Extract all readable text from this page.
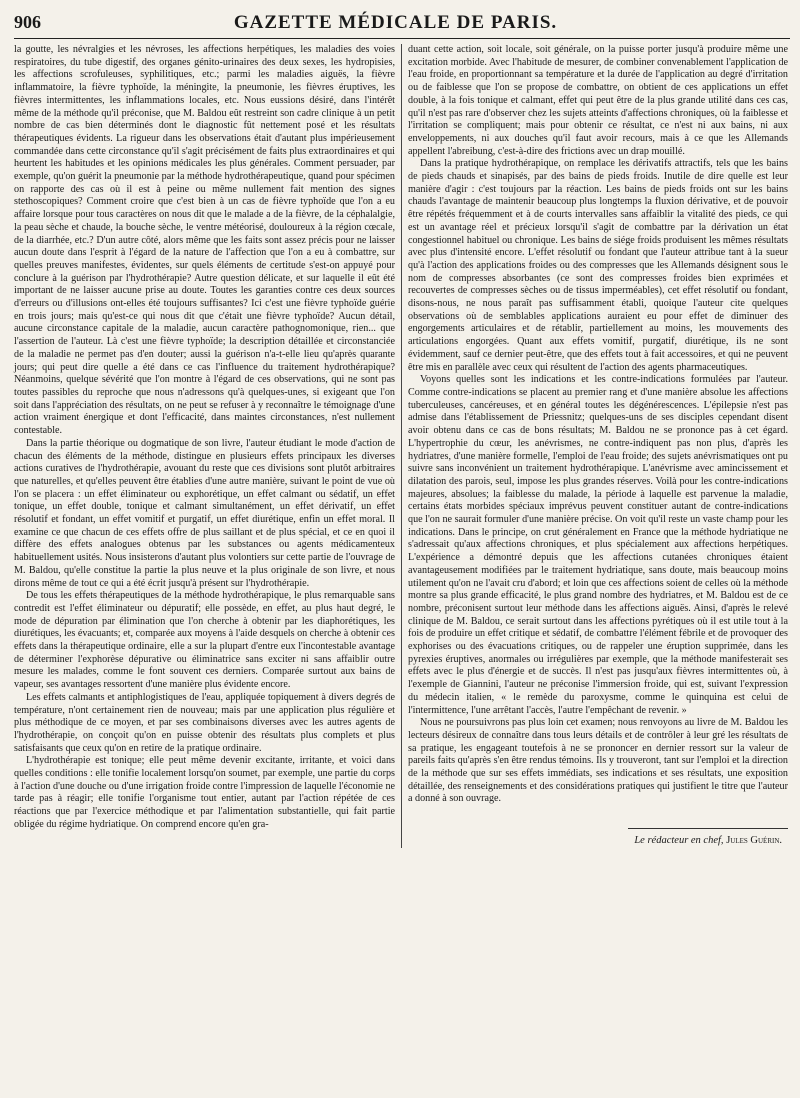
906	GAZETTE MÉDICALE DE PARIS.

la goutte, les névralgies et les névroses, les affections herpétiques, les maladies des voies respiratoires, du tube digestif, des organes génito-urinaires des deux sexes, les hydropisies, les affections scrofuleuses, syphilitiques, etc.; parmi les maladies aiguës, la fièvre inflammatoire, la fièvre typhoïde, la méningite, la pneumonie, les fièvres éruptives, les fièvres intermittentes, les inflammations locales, etc. Nous eussions désiré, dans l'intérêt même de la méthode qu'il préconise, que M. Baldou eût restreint son cadre clinique à un petit nombre de cas bien déterminés dont le diagnostic fût nettement posé et les résultats thérapeutiques évidents. La rigueur dans les observations était d'autant plus impérieusement commandée dans cette circonstance qu'il s'agit précisément de faits plus extraordinaires et qui heurtent les habitudes et les opinions médicales les plus générales. Comment persuader, par exemple, qu'on guérit la pneumonie par la méthode hydrothérapeutique, quand pour spécimen on rapporte des cas où il est à peine ou même nullement fait mention des signes stethoscopiques? Comment croire que c'est bien à un cas de fièvre typhoïde que l'on a eu affaire lorsque pour tous caractères on nous dit que le malade a de la fièvre, de la céphalalgie, la peau sèche et chaude, la bouche sèche, le ventre météorisé, douloureux à la région cœcale, de la diarrhée, etc.? D'un autre côté, alors même que les faits sont assez précis pour ne laisser aucun doute dans l'esprit à l'égard de la nature de l'affection que l'on a eu à combattre, sur quelles preuves manifestes, évidentes, sur quels éléments de certitude s'est-on appuyé pour conclure à la guérison par l'hydrothérapie? Autre question délicate, et sur laquelle il eût été important de ne laisser aucune prise au doute. Toutes les garanties contre ces deux sources d'erreurs ou d'illusions ont-elles été toujours suffisantes? Ici c'est une fièvre typhoïde guérie en trois jours; mais qu'est-ce qui nous dit que c'était une fièvre typhoïde? Aucun détail, aucune circonstance capitale de la maladie, aucun caractère pathognomonique, rien... que l'assertion de l'auteur. Là c'est une fièvre typhoïde; la description détaillée et circonstanciée de la maladie ne permet pas d'en douter; aussi la guérison n'a-t-elle lieu qu'après quarante jours; qui peut dire quelle a été dans ce cas l'influence du traitement hydrothérapique? Néanmoins, quelque sévérité que l'on montre à l'égard de ces observations, qui ne sont pas toutes passibles du reproche que nous n'adressons qu'à quelques-unes, si exigeant que l'on soit dans l'appréciation des résultats, on ne peut se refuser à y reconnaître le témoignage d'une action vraiment énergique et dont l'efficacité, dans maintes circonstances, n'est nullement contestable.

Dans la partie théorique ou dogmatique de son livre, l'auteur étudiant le mode d'action de chacun des éléments de la méthode, distingue en plusieurs effets principaux les diverses actions curatives de l'hydrothérapie, avouant du reste que ces divisions sont plutôt arbitraires que naturelles, et qu'elles peuvent être établies d'une autre manière, suivant le point de vue où l'on se placera : un effet éliminateur ou exphorétique, un effet calmant ou sédatif, un effet tonique, un effet double, tonique et calmant simultanément, un effet dérivatif, un effet résolutif et fondant, un effet vomitif et purgatif, un effet diurétique, enfin un effet moral. Il examine ce que chacun de ces effets offre de plus saillant et de plus spécial, et ce en quoi il diffère des effets analogues obtenus par les substances ou agents médicamenteux habituellement usités. Nous insisterons d'autant plus volontiers sur cette partie de l'ouvrage de M. Baldou, qu'elle constitue la partie la plus neuve et la plus originale de son livre, et nous dirons même de tout ce qui a été écrit jusqu'à présent sur l'hydrothérapie.

De tous les effets thérapeutiques de la méthode hydrothérapique, le plus remarquable sans contredit est l'effet éliminateur ou dépuratif; elle possède, en effet, au plus haut degré, le mode de dépuration par élimination que l'on cherche à obtenir par les diaphorétiques, les diurétiques, les évacuants; et, comparée aux moyens à l'aide desquels on cherche à obtenir ces effets dans la thérapeutique ordinaire, elle a sur la plupart d'entre eux l'incontestable avantage de déterminer l'exphorèse dépurative ou éliminatrice sans exciter ni sans affaiblir outre mesure les malades, comme le font souvent ces derniers. Comparée surtout aux bains de vapeur, ses avantages ressortent d'une manière plus évidente encore.

Les effets calmants et antiphlogistiques de l'eau, appliquée topiquement à divers degrés de température, n'ont certainement rien de nouveau; mais par une application plus régulière et plus méthodique de ce moyen, et par ses combinaisons diverses avec les autres agents de l'hydrothérapie, on conçoit qu'on en puisse obtenir des résultats plus complets et plus satisfaisants que ceux qu'on en retire de la pratique ordinaire.

L'hydrothérapie est tonique; elle peut même devenir excitante, irritante, et voici dans quelles conditions : elle tonifie localement lorsqu'on soumet, par exemple, une partie du corps à l'action d'une douche ou d'une irrigation froide contre l'impression de laquelle l'économie ne tarde pas à réagir; elle tonifie l'organisme tout entier, autant par l'action répétée de ces réactions que par l'exercice méthodique et par l'alimentation substantielle, qui fait partie obligée du régime hydriatique. On comprend encore qu'en gra-

duant cette action, soit locale, soit générale, on la puisse porter jusqu'à produire même une excitation morbide. Avec l'habitude de mesurer, de combiner convenablement l'application de l'eau froide, en proportionnant sa température et la durée de l'application au degré d'irritation ou de faiblesse que l'on se propose de combattre, on obtient de ces applications un effet double, à la fois tonique et calmant, effet qui peut être de la plus grande utilité dans ces cas, qu'il n'est pas rare d'observer chez les sujets atteints d'affections chroniques, où la faiblesse et l'irritation se compliquent; mais pour obtenir ce résultat, ce n'est ni aux bains, ni aux enveloppements, ni aux douches qu'il faut avoir recours, mais à ce que les Allemands appellent l'abreibung, c'est-à-dire des frictions avec un drap mouillé.

Dans la pratique hydrothérapique, on remplace les dérivatifs attractifs, tels que les bains de pieds chauds et sinapisés, par des bains de pieds froids. Inutile de dire quelle est leur manière d'agir : c'est toujours par la réaction. Les bains de pieds froids ont sur les bains chauds l'avantage de maintenir beaucoup plus longtemps la fluxion dérivative, et de pouvoir être répétés fréquemment et à de courts intervalles sans affaiblir la vitalité des pieds, ce qui est un avantage réel et précieux lorsqu'il s'agit de combattre par la dérivation un état congestionnel habituel ou chronique. Les bains de siége froids produisent les mêmes résultats avec plus d'intensité encore. L'effet résolutif ou fondant que l'auteur attribue tant à la sueur qu'à l'action des applications froides ou des compresses que les Allemands désignent sous le nom de compresses absorbantes (ce sont des compresses froides bien exprimées et recouvertes de compresses sèches ou de tissus imperméables), cet effet résolutif ou fondant, disons-nous, ne nous paraît pas suffisamment établi, quoique l'auteur cite quelques observations où de semblables applications auraient eu pour effet de diminuer des engorgements articulaires et de rétablir, partiellement au moins, les mouvements des articulations engorgées. Quant aux effets vomitif, purgatif, diurétique, ils ne sont évidemment, sauf ce dernier peut-être, que des effets tout à fait accessoires, et qui ne peuvent être mis en parallèle avec ceux qui résultent de l'action des agents pharmaceutiques.

Voyons quelles sont les indications et les contre-indications formulées par l'auteur. Comme contre-indications se placent au premier rang et d'une manière absolue les affections tuberculeuses, cancéreuses, et en général toutes les dégénérescences. L'épilepsie n'est pas admise dans l'établissement de Priessnitz; quelques-uns de ses disciples cependant disent avoir obtenu dans ce cas de bons résultats; M. Baldou ne se prononce pas à cet égard. L'hypertrophie du cœur, les anévrismes, ne contre-indiquent pas non plus, d'après les hydriatres, d'une manière formelle, l'emploi de l'eau froide; des sujets anévrismatiques ont pu suivre sans inconvénient un traitement hydrothérapique. L'anévrisme avec amincissement et dilatation des parois, seul, impose les plus grandes réserves. Voilà pour les contre-indications majeures, absolues; la faiblesse du malade, la période à laquelle est parvenue la maladie, certains états morbides spéciaux imprévus peuvent constituer autant de contre-indications que l'on ne saurait formuler d'une manière précise. On voit qu'il reste un vaste champ pour les indications. Dans le principe, on crut généralement en France que la méthode hydriatique ne s'adressait qu'aux affections chroniques, et plus spécialement aux affections herpétiques. L'expérience a démontré depuis que les affections cutanées chroniques étaient avantageusement modifiées par le traitement hydriatique, sans doute, mais beaucoup moins utilement qu'on ne l'avait cru d'abord; et loin que ces affections soient de celles où la méthode montre sa plus grande efficacité, le plus grand nombre des hydriatres, et M. Baldou est de ce nombre, préconisent surtout leur méthode dans les affections aiguës. Ainsi, d'après le relevé clinique de M. Baldou, ce serait surtout dans les affections pyrétiques où il est utile tout à la fois de produire un effet critique et sédatif, de combattre l'élément fébrile et de provoquer des exphorises ou des évacuations critiques, ou de rappeler une éruption supprimée, dans les pyrexies éruptives, anormales ou irrégulières par exemple, que la méthode manifesterait ses effets avec le plus d'énergie et de succès. Il n'est pas jusqu'aux fièvres intermittentes où, à l'exemple de Giannini, l'auteur ne préconise l'immersion froide, qui est, suivant l'expression du médecin italien, « le remède du paroxysme, comme le quinquina est celui de l'intermittence, l'une arrêtant l'accès, l'autre l'empêchant de revenir. »

Nous ne poursuivrons pas plus loin cet examen; nous renvoyons au livre de M. Baldou les lecteurs désireux de connaître dans tous leurs détails et de contrôler à leur gré les résultats de sa pratique, les engageant toutefois à ne se prononcer en dernier ressort sur la valeur de pareils faits qu'après s'en être rendus témoins. Ils y trouveront, tant sur l'emploi et la direction de la méthode que sur ses effets immédiats, ses indications et ses résultats, une exposition détaillée, des renseignements et des considérations pratiques qui justifient le titre que l'auteur a donné à son ouvrage.

Le rédacteur en chef, Jules Guérin.
